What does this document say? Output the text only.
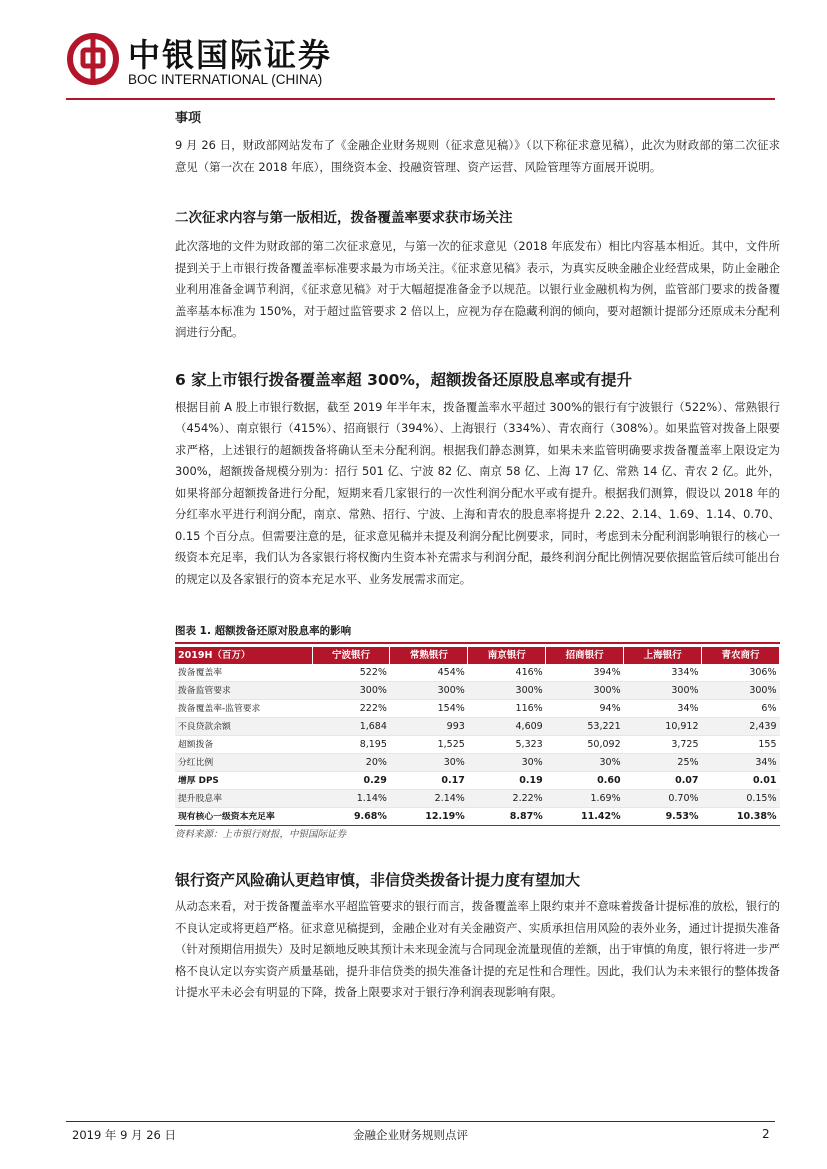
中银国际证券
BOC INTERNATIONAL (CHINA)
事项

9 月 26 日，财政部网站发布了《金融企业财务规则（征求意见稿）》（以下称征求意见稿），此次为财政部的第二次征求意见（第一次在 2018 年底），围绕资本金、投融资管理、资产运营、风险管理等方面展开说明。

二次征求内容与第一版相近，拨备覆盖率要求获市场关注

此次落地的文件为财政部的第二次征求意见，与第一次的征求意见（2018 年底发布）相比内容基本相近。其中，文件所提到关于上市银行拨备覆盖率标准要求最为市场关注。《征求意见稿》表示，为真实反映金融企业经营成果，防止金融企业利用准备金调节利润，《征求意见稿》对于大幅超提准备金予以规范。以银行业金融机构为例，监管部门要求的拨备覆盖率基本标准为 150%，对于超过监管要求 2 倍以上，应视为存在隐藏利润的倾向，要对超额计提部分还原成未分配利润进行分配。

6 家上市银行拨备覆盖率超 300%，超额拨备还原股息率或有提升

根据目前 A 股上市银行数据，截至 2019 年半年末，拨备覆盖率水平超过 300%的银行有宁波银行（522%）、常熟银行（454%）、南京银行（415%）、招商银行（394%）、上海银行（334%）、青农商行（308%）。如果监管对拨备上限要求严格，上述银行的超额拨备将确认至未分配利润。根据我们静态测算，如果未来监管明确要求拨备覆盖率上限设定为 300%，超额拨备规模分别为：招行 501 亿、宁波 82 亿、南京 58 亿、上海 17 亿、常熟 14 亿、青农 2 亿。此外，如果将部分超额拨备进行分配，短期来看几家银行的一次性利润分配水平或有提升。根据我们测算，假设以 2018 年的分红率水平进行利润分配，南京、常熟、招行、宁波、上海和青农的股息率将提升 2.22、2.14、1.69、1.14、0.70、0.15 个百分点。但需要注意的是，征求意见稿并未提及利润分配比例要求，同时，考虑到未分配利润影响银行的核心一级资本充足率，我们认为各家银行将权衡内生资本补充需求与利润分配，最终利润分配比例情况要依据监管后续可能出台的规定以及各家银行的资本充足水平、业务发展需求而定。

图表 1. 超额拨备还原对股息率的影响
2019H（百万）	宁波银行	常熟银行	南京银行	招商银行	上海银行	青农商行
拨备覆盖率	522%	454%	416%	394%	334%	306%
拨备监管要求	300%	300%	300%	300%	300%	300%
拨备覆盖率-监管要求	222%	154%	116%	94%	34%	6%
不良贷款余额	1,684	993	4,609	53,221	10,912	2,439
超额拨备	8,195	1,525	5,323	50,092	3,725	155
分红比例	20%	30%	30%	30%	25%	34%
增厚 DPS	0.29	0.17	0.19	0.60	0.07	0.01
提升股息率	1.14%	2.14%	2.22%	1.69%	0.70%	0.15%
现有核心一级资本充足率	9.68%	12.19%	8.87%	11.42%	9.53%	10.38%
资料来源：上市银行财报，中银国际证券
银行资产风险确认更趋审慎，非信贷类拨备计提力度有望加大

从动态来看，对于拨备覆盖率水平超监管要求的银行而言，拨备覆盖率上限约束并不意味着拨备计提标准的放松，银行的不良认定或将更趋严格。征求意见稿提到，金融企业对有关金融资产、实质承担信用风险的表外业务，通过计提损失准备（针对预期信用损失）及时足额地反映其预计未来现金流与合同现金流量现值的差额，出于审慎的角度，银行将进一步严格不良认定以夯实资产质量基础，提升非信贷类的损失准备计提的充足性和合理性。因此，我们认为未来银行的整体拨备计提水平未必会有明显的下降，拨备上限要求对于银行净利润表现影响有限。

2019 年 9 月 26 日	金融企业财务规则点评	2
